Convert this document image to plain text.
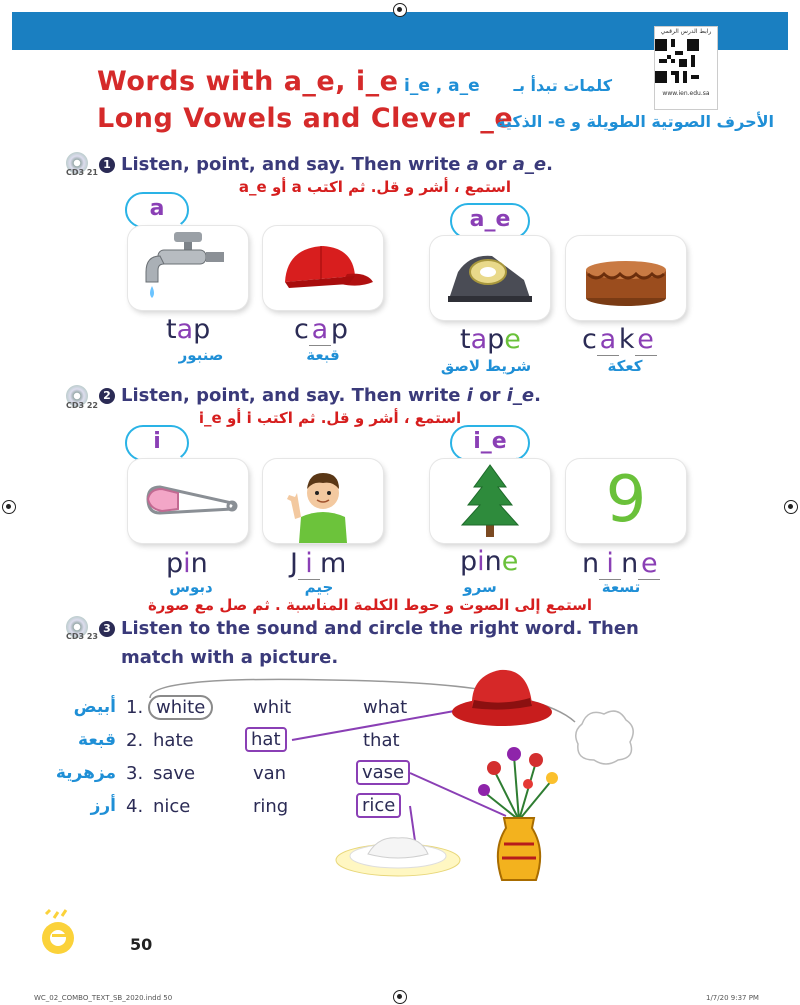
رابط الدرس الرقمي
www.ien.edu.sa
Words with a_e, i_e i_e , a_e	كلمات تبدأ بـ
Long Vowels and Clever _e
الأحرف الصوتية الطويلة و e- الذكية
CD3 21
1 Listen, point, and say. Then write a or a_e.
استمع ، أشر و قل. ثم اكتب a أو a_e
a	a_e
tap	c a p	tape c a ke
صنبور	قبعة
شريط لاصق	كعكة
CD3 22
2 Listen, point, and say. Then write i or i_e.
استمع ، أشر و قل. ثم اكتب i أو i_e
i	i_e
9
pin	J i m	pine n i ne
دبوس	جيم	سرو	تسعة
استمع إلى الصوت و حوط الكلمة المناسبة . ثم صل مع صورة
CD3 23
3 Listen to the sound and circle the right word. Then
match with a picture.
أبيض 1. white	whit	what
قبعة 2. hate	hat	that
مزهرية 3. save	van	vase
أرز 4. nice	ring	rice
50
WC_02_COMBO_TEXT_SB_2020.indd 50	1/7/20 9:37 PM
